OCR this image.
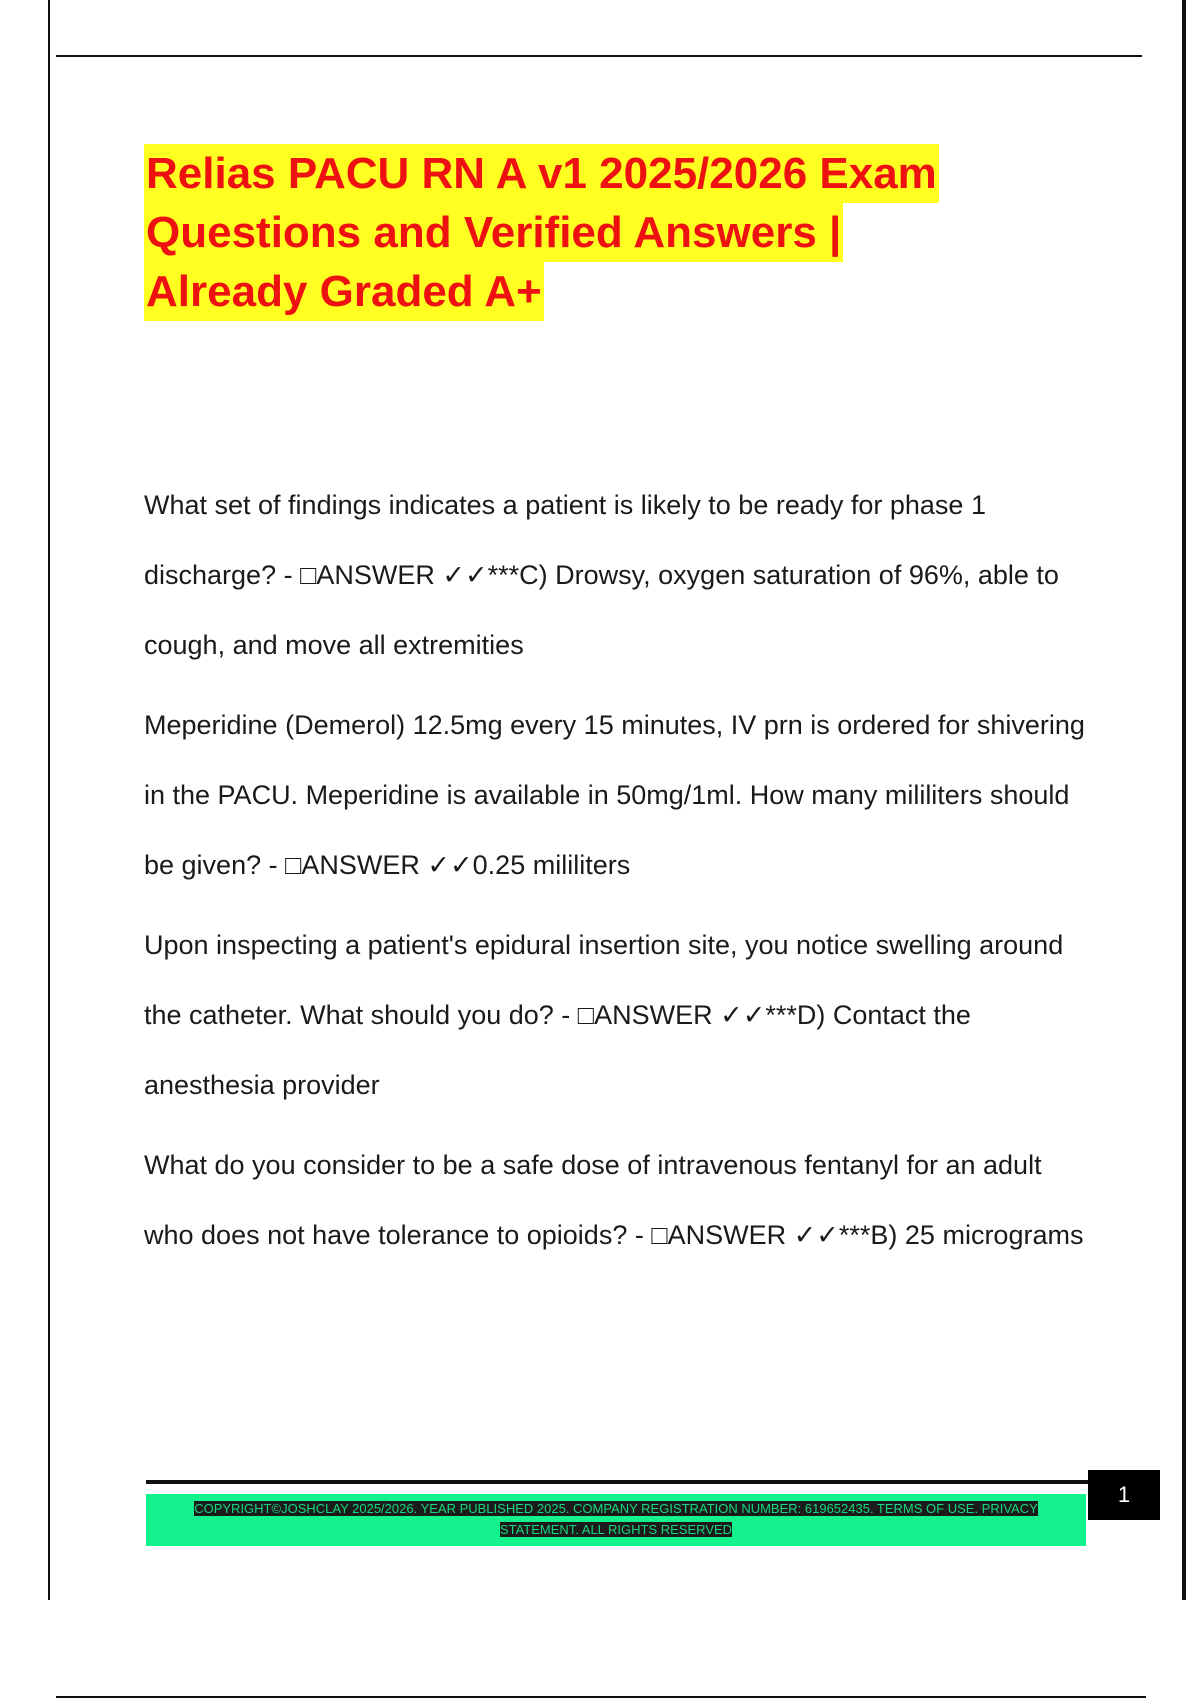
Relias PACU RN A v1 2025/2026 Exam
Questions and Verified Answers |
Already Graded A+

What set of findings indicates a patient is likely to be ready for phase 1 discharge? - □ANSWER ✓✓***C) Drowsy, oxygen saturation of 96%, able to cough, and move all extremities

Meperidine (Demerol) 12.5mg every 15 minutes, IV prn is ordered for shivering in the PACU. Meperidine is available in 50mg/1ml. How many mililiters should be given? - □ANSWER ✓✓0.25 mililiters

Upon inspecting a patient's epidural insertion site, you notice swelling around the catheter. What should you do? - □ANSWER ✓✓***D) Contact the anesthesia provider

What do you consider to be a safe dose of intravenous fentanyl for an adult who does not have tolerance to opioids? - □ANSWER ✓✓***B) 25 micrograms

COPYRIGHT©JOSHCLAY 2025/2026. YEAR PUBLISHED 2025. COMPANY REGISTRATION NUMBER: 619652435. TERMS OF USE. PRIVACY
STATEMENT. ALL RIGHTS RESERVED
1
